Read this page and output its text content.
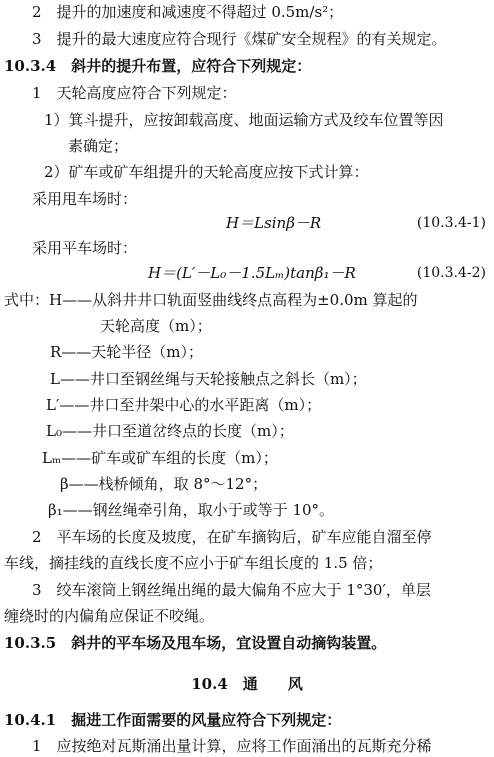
2　提升的加速度和减速度不得超过 0.5m/s²；
3　提升的最大速度应符合现行《煤矿安全规程》的有关规定。
10.3.4　斜井的提升布置，应符合下列规定：
1　天轮高度应符合下列规定：
1）箕斗提升，应按卸载高度、地面运输方式及绞车位置等因
素确定；
2）矿车或矿车组提升的天轮高度应按下式计算：
采用甩车场时：
H＝Lsinβ－R	(10.3.4-1)
采用平车场时：
H＝(L′－L₀－1.5Lₘ)tanβ₁－R	(10.3.4-2)
式中：H——从斜井井口轨面竖曲线终点高程为±0.0m 算起的
天轮高度（m）；
R——天轮半径（m）；
L——井口至钢丝绳与天轮接触点之斜长（m）；
L′——井口至井架中心的水平距离（m）；
L₀——井口至道岔终点的长度（m）；
Lₘ——矿车或矿车组的长度（m）；
β——栈桥倾角，取 8°～12°；
β₁——钢丝绳牵引角，取小于或等于 10°。
2　平车场的长度及坡度，在矿车摘钩后，矿车应能自溜至停
车线，摘挂线的直线长度不应小于矿车组长度的 1.5 倍；
3　绞车滚筒上钢丝绳出绳的最大偏角不应大于 1°30′，单层
缠绕时的内偏角应保证不咬绳。
10.3.5　斜井的平车场及甩车场，宜设置自动摘钩装置。
10.4　通　　风
10.4.1　掘进工作面需要的风量应符合下列规定：
1　应按绝对瓦斯涌出量计算，应将工作面涌出的瓦斯充分稀
